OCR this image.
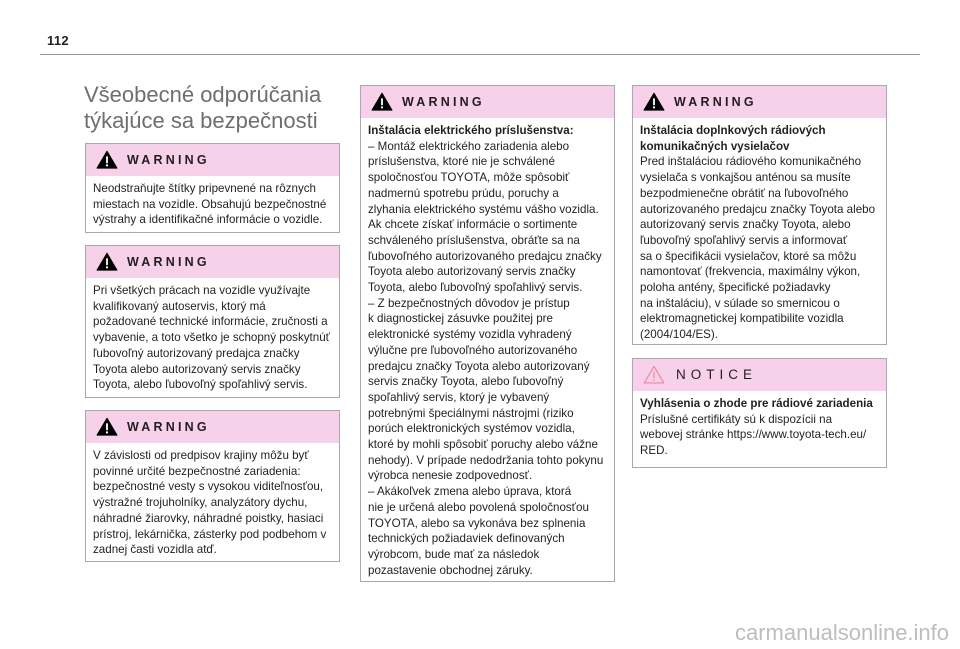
112
Všeobecné odporúčania
týkajúce sa bezpečnosti
WARNING
Neodstraňujte štítky pripevnené na rôznych
miestach na vozidle. Obsahujú bezpečnostné
výstrahy a identifikačné informácie o vozidle.
WARNING
Pri všetkých prácach na vozidle využívajte
kvalifikovaný autoservis, ktorý má
požadované technické informácie, zručnosti a
vybavenie, a toto všetko je schopný poskytnúť
ľubovoľný autorizovaný predajca značky
Toyota alebo autorizovaný servis značky
Toyota, alebo ľubovoľný spoľahlivý servis.
WARNING
V závislosti od predpisov krajiny môžu byť
povinné určité bezpečnostné zariadenia:
bezpečnostné vesty s vysokou viditeľnosťou,
výstražné trojuholníky, analyzátory dychu,
náhradné žiarovky, náhradné poistky, hasiaci
prístroj, lekárnička, zásterky pod podbehom v
zadnej časti vozidla atď.
WARNING
Inštalácia elektrického príslušenstva:
– Montáž elektrického zariadenia alebo
príslušenstva, ktoré nie je schválené
spoločnosťou TOYOTA, môže spôsobiť
nadmernú spotrebu prúdu, poruchy a
zlyhania elektrického systému vášho vozidla.
Ak chcete získať informácie o sortimente
schváleného príslušenstva, obráťte sa na
ľubovoľného autorizovaného predajcu značky
Toyota alebo autorizovaný servis značky
Toyota, alebo ľubovoľný spoľahlivý servis.
– Z bezpečnostných dôvodov je prístup
k diagnostickej zásuvke použitej pre
elektronické systémy vozidla vyhradený
výlučne pre ľubovoľného autorizovaného
predajcu značky Toyota alebo autorizovaný
servis značky Toyota, alebo ľubovoľný
spoľahlivý servis, ktorý je vybavený
potrebnými špeciálnymi nástrojmi (riziko
porúch elektronických systémov vozidla,
ktoré by mohli spôsobiť poruchy alebo vážne
nehody). V prípade nedodržania tohto pokynu
výrobca nenesie zodpovednosť.
– Akákoľvek zmena alebo úprava, ktorá
nie je určená alebo povolená spoločnosťou
TOYOTA, alebo sa vykonáva bez splnenia
technických požiadaviek definovaných
výrobcom, bude mať za následok
pozastavenie obchodnej záruky.
WARNING
Inštalácia doplnkových rádiových
komunikačných vysielačov
Pred inštaláciou rádiového komunikačného
vysielača s vonkajšou anténou sa musíte
bezpodmienečne obrátiť na ľubovoľného
autorizovaného predajcu značky Toyota alebo
autorizovaný servis značky Toyota, alebo
ľubovoľný spoľahlivý servis a informovať
sa o špecifikácii vysielačov, ktoré sa môžu
namontovať (frekvencia, maximálny výkon,
poloha antény, špecifické požiadavky
na inštaláciu), v súlade so smernicou o
elektromagnetickej kompatibilite vozidla
(2004/104/ES).
NOTICE
Vyhlásenia o zhode pre rádiové zariadenia
Príslušné certifikáty sú k dispozícii na
webovej stránke https://www.toyota-tech.eu/
RED.
carmanualsonline.info
